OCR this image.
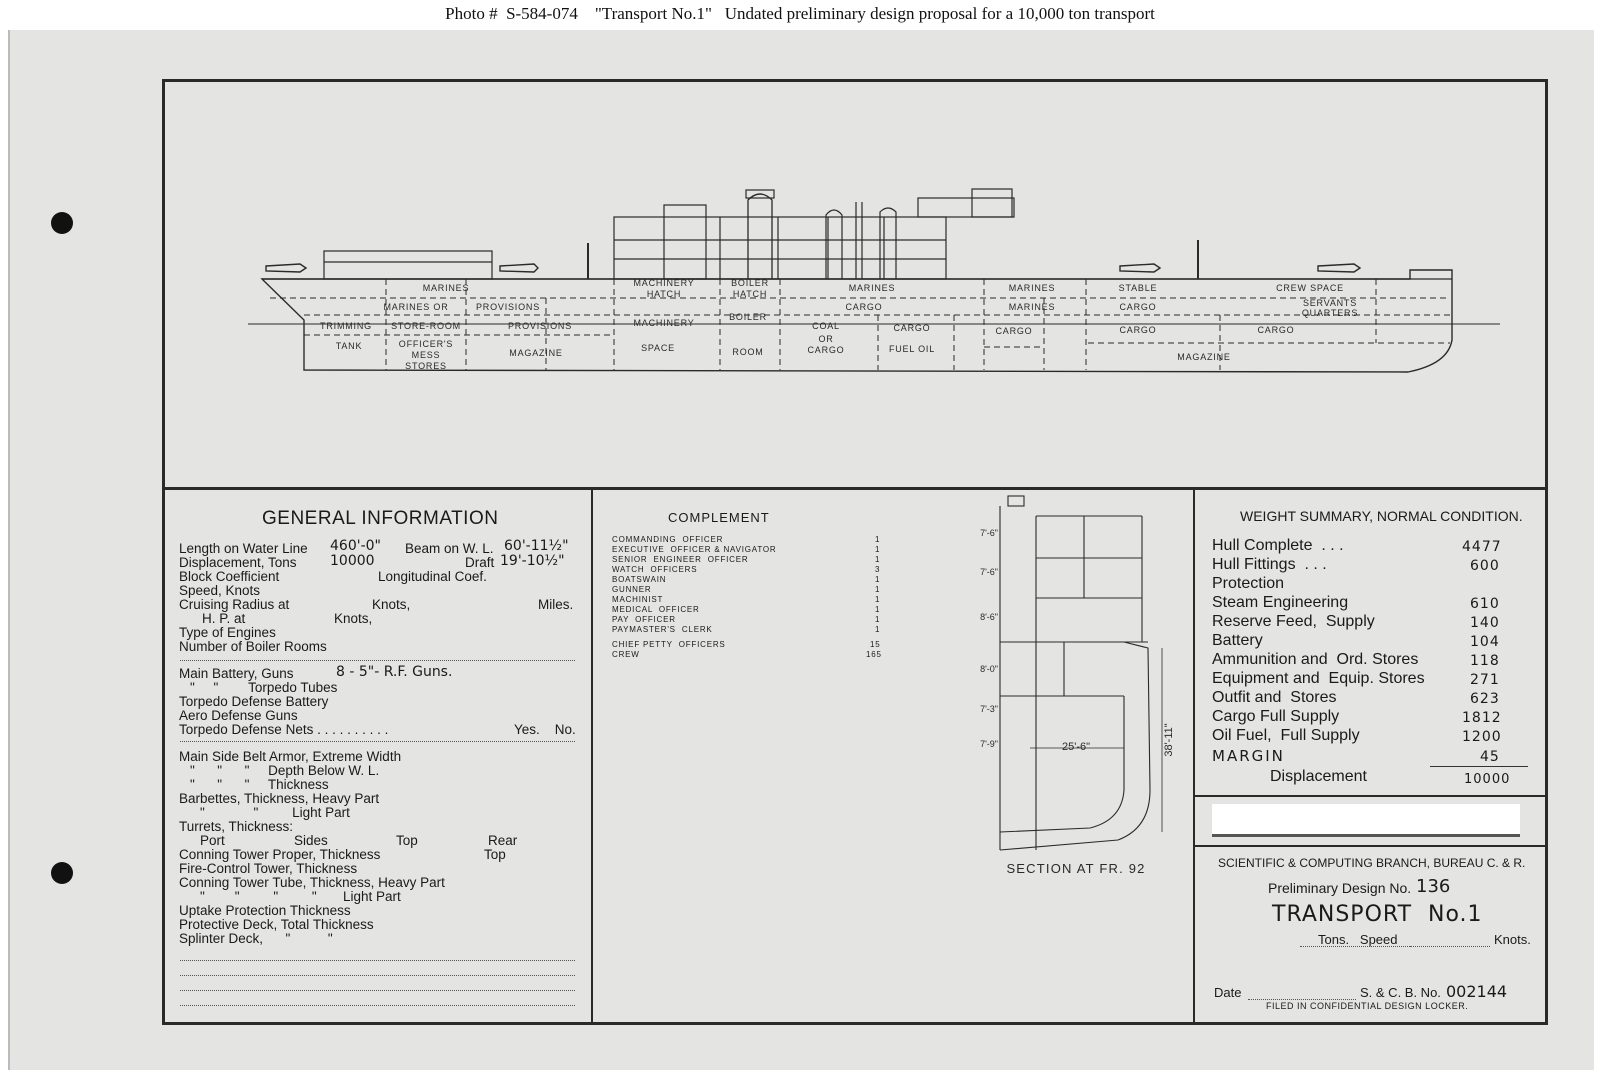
Photo #  S-584-074    "Transport No.1"   Undated preliminary design proposal for a 10,000 ton transport
MARINES
MARINES OR	PROVISIONS
TRIMMING STORE-ROOM	PROVISIONS
TANK	OFFICER'S
MESS
STORES
MAGAZINE
MACHINERY
HATCH
MACHINERY
SPACE
BOILER
HATCH
BOILER
ROOM
MARINES
CARGO
COAL
OR
CARGO
CARGO
FUEL OIL
MARINES
MARINES
CARGO
STABLE
CARGO
CARGO
CREW SPACE
SERVANTS
QUARTERS
CARGO
MAGAZINE
7'-6"
7'-6"
8'-6"
8'-0"
7'-3"
7'-9"	25'-6"	38'-11"
SECTION AT FR. 92
GENERAL INFORMATION
Length on Water Line 460'-0" Beam on W. L. 60'-11½"
Displacement, Tons 10000	Draft 19'-10½"
Block Coefficient	Longitudinal Coef.
Speed, Knots
Cruising Radius at	Knots,	Miles.
H. P. at	Knots,
Type of Engines
Number of Boiler Rooms
Main Battery, Guns	8 - 5"- R.F. Guns.
"     "        Torpedo Tubes
Torpedo Defense Battery
Aero Defense Guns
Torpedo Defense Nets . . . . . . . . . .	Yes.    No.
Main Side Belt Armor, Extreme Width
"      "      "     Depth Below W. L.
"      "      "     Thickness
Barbettes, Thickness, Heavy Part
"             "         Light Part
Turrets, Thickness:
Port	Sides	Top	Rear
Conning Tower Proper, Thickness	Top
Fire-Control Tower, Thickness
Conning Tower Tube, Thickness, Heavy Part
"        "         "         "       Light Part
Uptake Protection Thickness
Protective Deck, Total Thickness
Splinter Deck,      "          "
COMPLEMENT
COMMANDING  OFFICER	1
EXECUTIVE  OFFICER & NAVIGATOR	1
SENIOR  ENGINEER  OFFICER	1
WATCH  OFFICERS	3
BOATSWAIN	1
GUNNER	1
MACHINIST	1
MEDICAL  OFFICER	1
PAY  OFFICER	1
PAYMASTER'S  CLERK	1
CHIEF PETTY  OFFICERS	15
CREW	165
WEIGHT SUMMARY, NORMAL CONDITION.
Hull Complete  . . .	4477
Hull Fittings  . . .	600
Protection
Steam Engineering	610
Reserve Feed,  Supply	140
Battery	104
Ammunition and  Ord. Stores	118
Equipment and  Equip. Stores	271
Outfit and  Stores	623
Cargo Full Supply	1812
Oil Fuel,  Full Supply	1200
MARGIN	45
Displacement	10000
SCIENTIFIC & COMPUTING BRANCH, BUREAU C. & R.
Preliminary Design No. 136
TRANSPORT  No.1
Tons.   Speed	Knots.
Date	S. & C. B. No. 002144
FILED IN CONFIDENTIAL DESIGN LOCKER.
